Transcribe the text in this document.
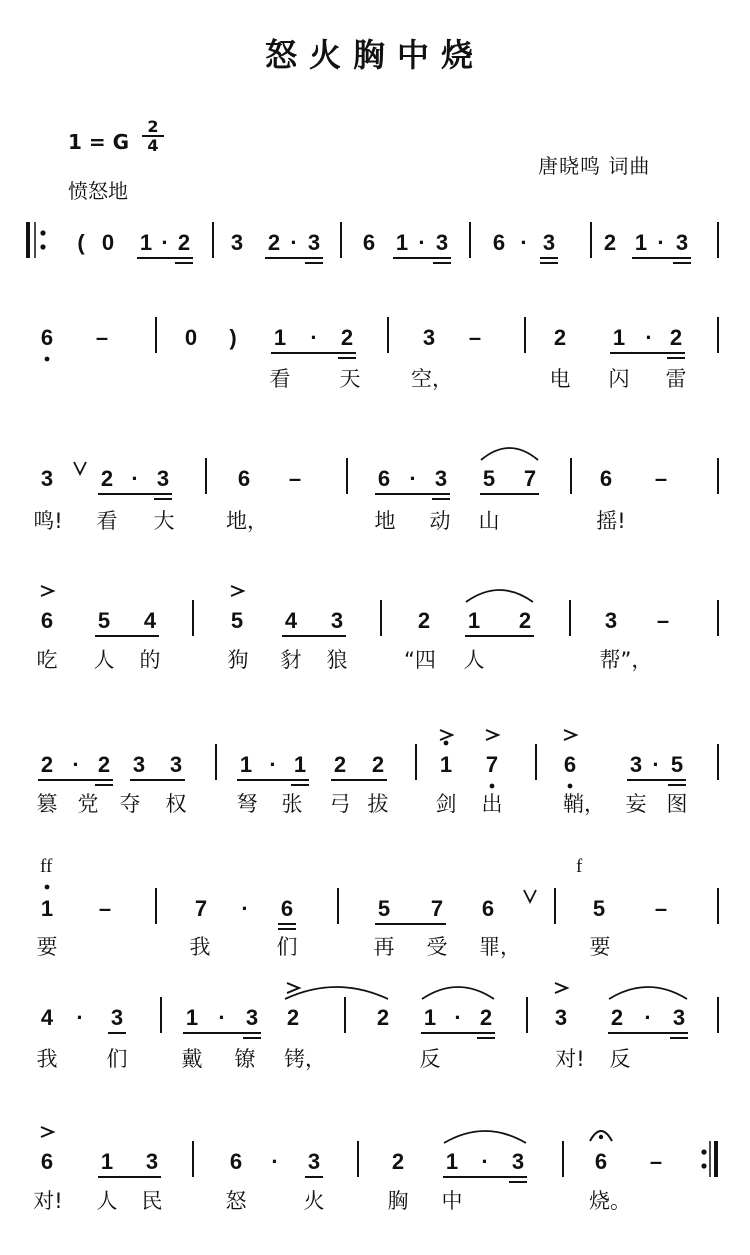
怒火胸中烧
1 = G
2
4
愤怒地
唐晓鸣 词曲
( 0 1 · 2 3 2 · 3 6 1 · 3 6 · 3 2 1 · 3
6 –	0 ) 1 · 2	3 –	2 1 · 2
3 2 · 3	6 –	6 · 3 5 7	6 –
6 5 4	5 4 3	2 1 2	3 –
2 · 2 3 3	1 · 1 2 2	1 7	6 3 · 5
1 –	7 · 6	5 7 6	5 –
4 · 3	1 · 3 2	2 1 · 2	3 2 · 3
6 1 3	6 · 3	2 1 · 3	6 –
ff	f
看 天 空，	电 闪 雷
鸣! 看 大 地，	地 动 山	摇!
吃 人 的	狗 豺 狼	“四 人	帮”，
篡 党 夺 权 弩 张 弓 拔 剑 出	鞘， 妄 图
要	我	们	再 受 罪，	要
我 们	戴 镣 铐，	反	对! 反
对! 人 民	怒	火	胸 中	烧。
